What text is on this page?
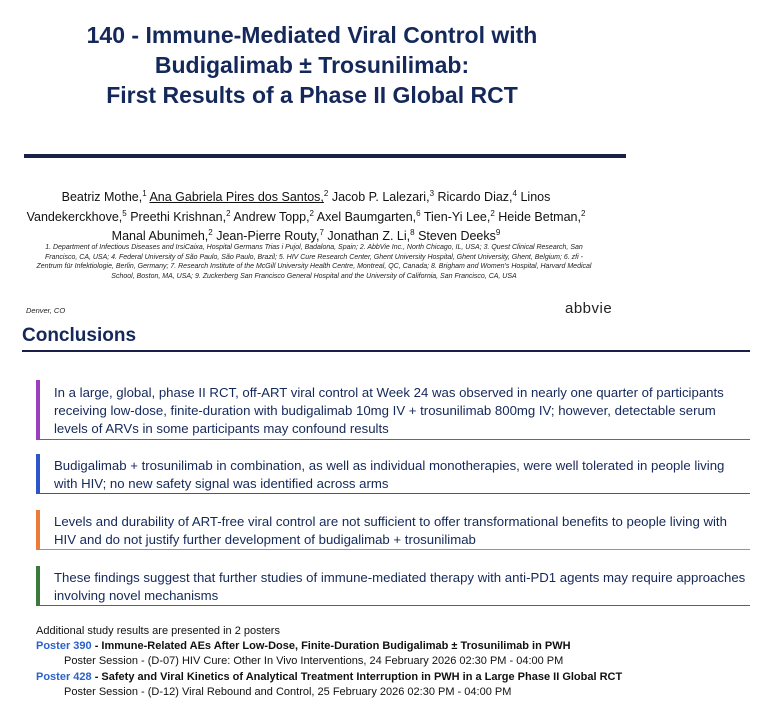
140 - Immune-Mediated Viral Control with
Budigalimab ± Trosunilimab:
First Results of a Phase II Global RCT
Beatriz Mothe,$^1$ Ana Gabriela Pires dos Santos,$^2$ Jacob P. Lalezari,$^3$ Ricardo Diaz,$^4$ Linos Vandekerckhove,$^5$ Preethi Krishnan,$^2$ Andrew Topp,$^2$ Axel Baumgarten,$^6$ Tien-Yi Lee,$^2$ Heide Betman,$^2$ Manal Abunimeh,$^2$ Jean-Pierre Routy,$^7$ Jonathan Z. Li,$^8$ Steven Deeks$^9$
1. Department of Infectious Diseases and IrsiCaixa, Hospital Germans Trias i Pujol, Badalona, Spain; 2. AbbVie Inc., North Chicago, IL, USA; 3. Quest Clinical Research, San Francisco, CA, USA; 4. Federal University of São Paulo, São Paulo, Brazil; 5. HIV Cure Research Center, Ghent University Hospital, Ghent University, Ghent, Belgium; 6. zfi - Zentrum für Infektiologie, Berlin, Germany; 7. Research Institute of the McGill University Health Centre, Montreal, QC, Canada; 8. Brigham and Women's Hospital, Harvard Medical School, Boston, MA, USA; 9. Zuckerberg San Francisco General Hospital and the University of California, San Francisco, CA, USA
Denver, CO	abbvie
Conclusions
In a large, global, phase II RCT, off-ART viral control at Week 24 was observed in nearly one quarter of participants receiving low-dose, finite-duration with budigalimab 10mg IV + trosunilimab 800mg IV; however, detectable serum levels of ARVs in some participants may confound results
Budigalimab + trosunilimab in combination, as well as individual monotherapies, were well tolerated in people living with HIV; no new safety signal was identified across arms
Levels and durability of ART-free viral control are not sufficient to offer transformational benefits to people living with HIV and do not justify further development of budigalimab + trosunilimab
These findings suggest that further studies of immune-mediated therapy with anti-PD1 agents may require approaches involving novel mechanisms
Additional study results are presented in 2 posters
Poster 390 - Immune-Related AEs After Low-Dose, Finite-Duration Budigalimab ± Trosunilimab in PWH
Poster Session - (D-07) HIV Cure: Other In Vivo Interventions, 24 February 2026 02:30 PM - 04:00 PM
Poster 428 - Safety and Viral Kinetics of Analytical Treatment Interruption in PWH in a Large Phase II Global RCT
Poster Session - (D-12) Viral Rebound and Control, 25 February 2026 02:30 PM - 04:00 PM
